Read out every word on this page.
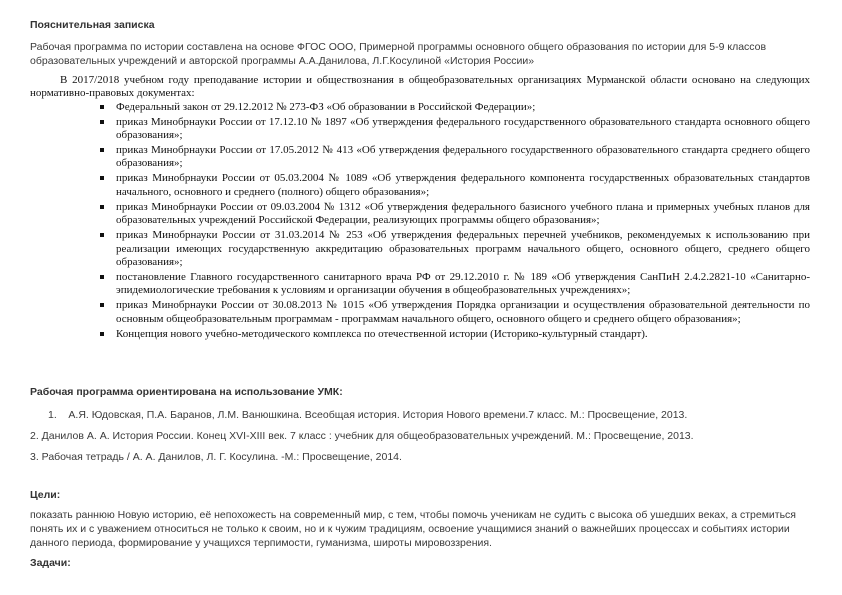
Пояснительная записка
Рабочая программа по истории составлена на основе ФГОС ООО, Примерной программы основного общего образования по истории для 5-9 классов образовательных учреждений и авторской программы А.А.Данилова, Л.Г.Косулиной «История России»

В 2017/2018 учебном году преподавание истории и обществознания в общеобразовательных организациях Мурманской области основано на следующих нормативно-правовых документах:

Федеральный закон от 29.12.2012 № 273-ФЗ «Об образовании в Российской Федерации»;
приказ Минобрнауки России от 17.12.10 № 1897 «Об утверждения федерального государственного образовательного стандарта основного общего образования»;
приказ Минобрнауки России от 17.05.2012 № 413 «Об утверждения федерального государственного образовательного стандарта среднего общего образования»;
приказ Минобрнауки России от 05.03.2004 № 1089 «Об утверждения федерального компонента государственных образовательных стандартов начального, основного и среднего (полного) общего образования»;
приказ Минобрнауки России от 09.03.2004 № 1312 «Об утверждения федерального базисного учебного плана и примерных учебных планов для образовательных учреждений Российской Федерации, реализующих программы общего образования»;
приказ Минобрнауки России от 31.03.2014 № 253 «Об утверждения федеральных перечней учебников, рекомендуемых к использованию при реализации имеющих государственную аккредитацию образовательных программ начального общего, основного общего, среднего общего образования»;
постановление Главного государственного санитарного врача РФ от 29.12.2010 г. № 189 «Об утверждения СанПиН 2.4.2.2821-10 «Санитарно-эпидемиологические требования к условиям и организации обучения в общеобразовательных учреждениях»;
приказ Минобрнауки России от 30.08.2013 № 1015 «Об утверждения Порядка организации и осуществления образовательной деятельности по основным общеобразовательным программам - программам начального общего, основного общего и среднего общего образования»;
Концепция нового учебно-методического комплекса по отечественной истории (Историко-культурный стандарт).
Рабочая программа ориентирована на использование УМК:
1.    А.Я. Юдовская, П.А. Баранов, Л.М. Ванюшкина. Всеобщая история. История Нового времени.7 класс. М.: Просвещение, 2013.
2. Данилов А. А. История России. Конец XVI-XIII век. 7 класс : учебник для общеобразовательных учреждений. М.: Просвещение, 2013.
3. Рабочая тетрадь / А. А. Данилов, Л. Г. Косулина. -М.: Просвещение, 2014.
Цели:
показать раннюю Новую историю, её непохожесть на современный мир, с тем, чтобы помочь ученикам не судить с высока об ушедших веках, а стремиться понять их и с уважением относиться не только к своим, но и к чужим традициям, освоение учащимися знаний о важнейших процессах и событиях истории данного периода, формирование у учащихся терпимости, гуманизма, широты мировоззрения.
Задачи:
